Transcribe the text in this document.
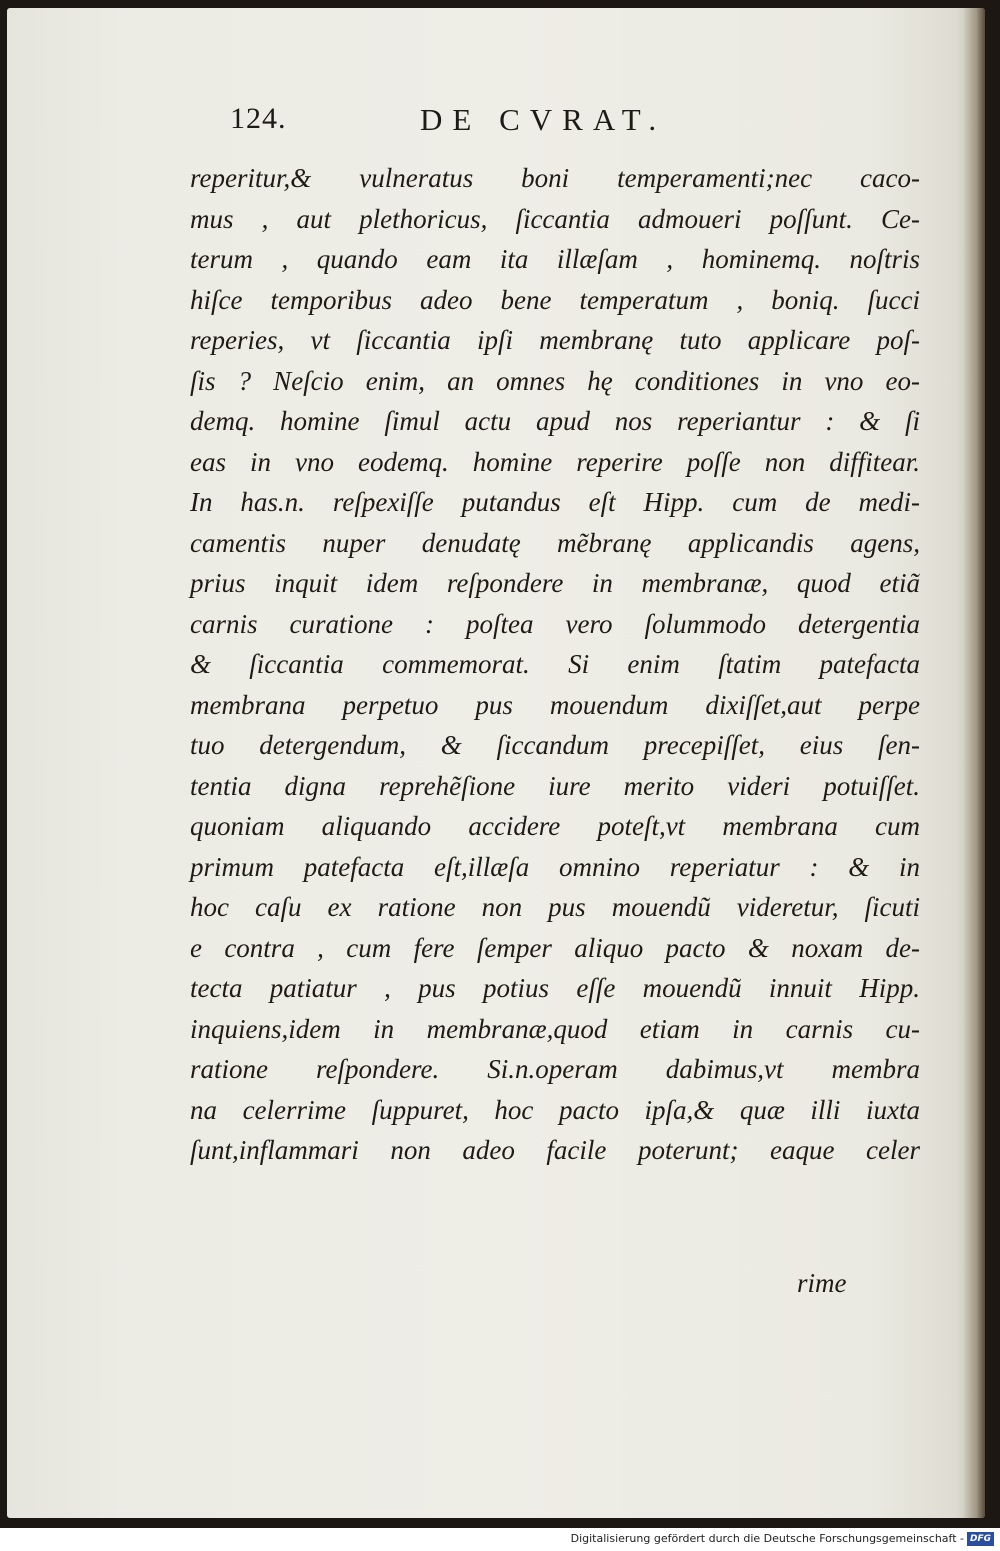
124.	DE CVRAT.
reperitur,& vulneratus boni temperamenti;nec caco-
mus , aut plethoricus, ſiccantia admoueri poſſunt. Ce-
terum , quando eam ita illæſam , hominemq. noſtris
hiſce temporibus adeo bene temperatum , boniq. ſucci
reperies, vt ſiccantia ipſi membranę tuto applicare poſ-
ſis ? Neſcio enim, an omnes hę conditiones in vno eo-
demq. homine ſimul actu apud nos reperiantur : & ſi
eas in vno eodemq. homine reperire poſſe non diffitear.
In has.n. reſpexiſſe putandus eſt Hipp. cum de medi-
camentis nuper denudatę mẽbranę applicandis agens,
prius inquit idem reſpondere in membranæ, quod etiã
carnis curatione : poſtea vero ſolummodo detergentia
& ſiccantia commemorat. Si enim ſtatim patefacta
membrana perpetuo pus mouendum dixiſſet,aut perpe
tuo detergendum, & ſiccandum precepiſſet, eius ſen-
tentia digna reprehẽſione iure merito videri potuiſſet.
quoniam aliquando accidere poteſt,vt membrana cum
primum patefacta eſt,illæſa omnino reperiatur : & in
hoc caſu ex ratione non pus mouendũ videretur, ſicuti
e contra , cum fere ſemper aliquo pacto & noxam de-
tecta patiatur , pus potius eſſe mouendũ innuit Hipp.
inquiens,idem in membranæ,quod etiam in carnis cu-
ratione reſpondere. Si.n.operam dabimus,vt membra
na celerrime ſuppuret, hoc pacto ipſa,& quæ illi iuxta
ſunt,inflammari non adeo facile poterunt; eaque celer
rime
Digitalisierung gefördert durch die Deutsche Forschungsgemeinschaft - DFG
